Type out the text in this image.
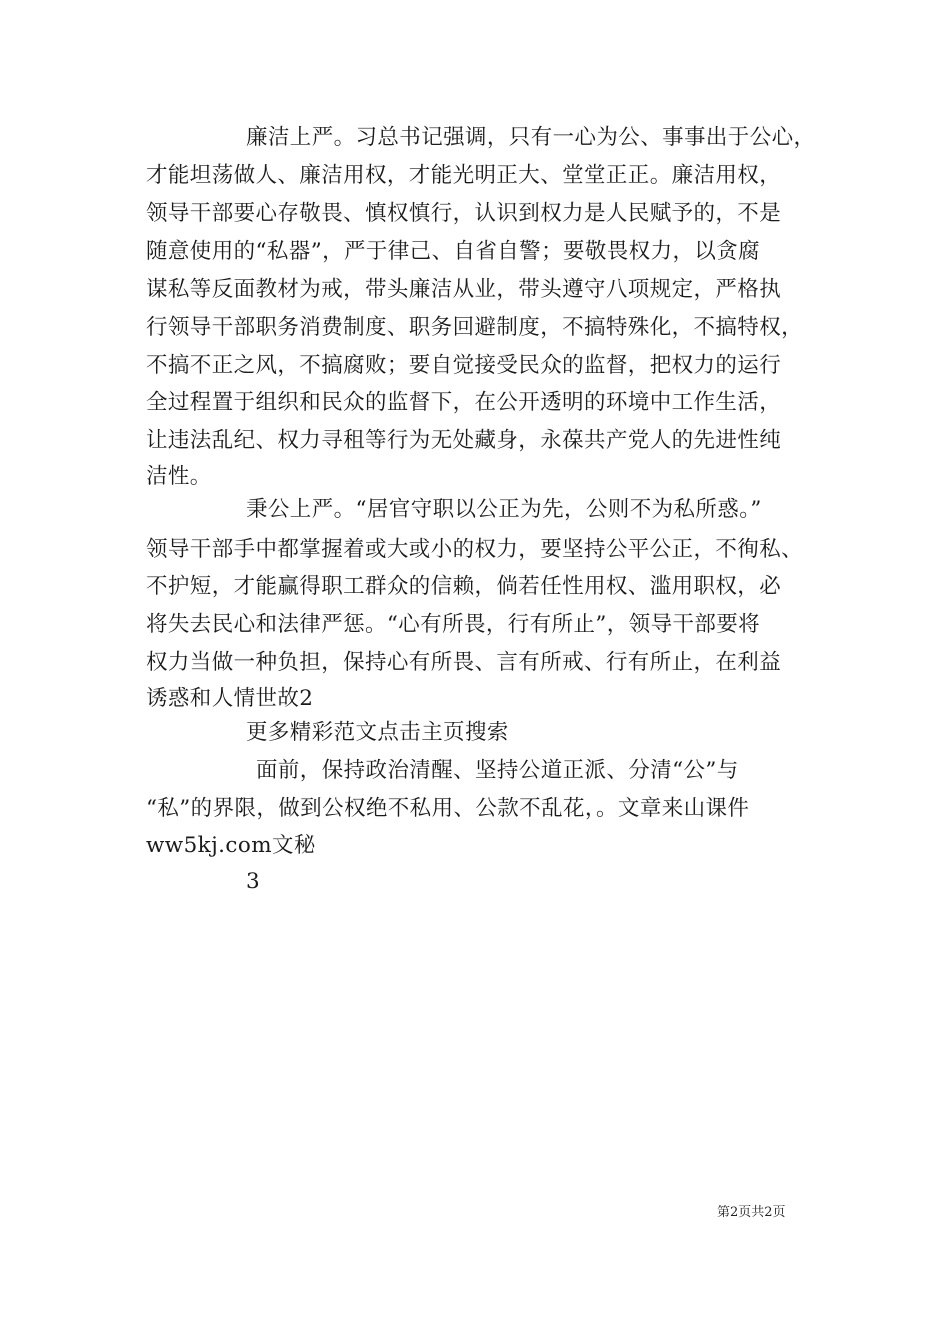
廉洁上严。习总书记强调，只有一心为公、事事出于公心，
才能坦荡做人、廉洁用权，才能光明正大、堂堂正正。廉洁用权，
领导干部要心存敬畏、慎权慎行，认识到权力是人民赋予的，不是
随意使用的“私器”，严于律己、自省自警；要敬畏权力，以贪腐
谋私等反面教材为戒，带头廉洁从业，带头遵守八项规定，严格执
行领导干部职务消费制度、职务回避制度，不搞特殊化，不搞特权，
不搞不正之风，不搞腐败；要自觉接受民众的监督，把权力的运行
全过程置于组织和民众的监督下，在公开透明的环境中工作生活，
让违法乱纪、权力寻租等行为无处藏身，永葆共产党人的先进性纯
洁性。
秉公上严。“居官守职以公正为先，公则不为私所惑。”
领导干部手中都掌握着或大或小的权力，要坚持公平公正，不徇私、
不护短，才能赢得职工群众的信赖，倘若任性用权、滥用职权，必
将失去民心和法律严惩。“心有所畏，行有所止”，领导干部要将
权力当做一种负担，保持心有所畏、言有所戒、行有所止，在利益
诱惑和人情世故2
更多精彩范文点击主页搜索
面前，保持政治清醒、坚持公道正派、分清“公”与
“私”的界限，做到公权绝不私用、公款不乱花，。文章来山课件
ww5kj.com文秘
3
第2页共2页
